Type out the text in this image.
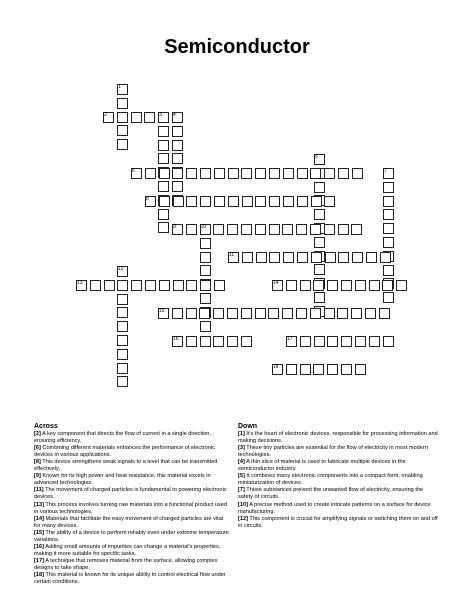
Semiconductor
1
2	3 4
5
6	7
8
9	10
11
12
13	14
15
16	17
18
Across
[2] A key component that directs the flow of current in a single direction, ensuring efficiency.
[6] Combining different materials enhances the performance of electronic devices in various applications.
[8] This device strengthens weak signals to a level that can be transmitted effectively.
[9] Known for its high power and heat resistance, this material excels in advanced technologies.
[11] The movement of charged particles is fundamental to powering electronic devices.
[13] This process involves turning raw materials into a functional product used in various technologies.
[14] Materials that facilitate the easy movement of charged particles are vital for many devices.
[15] The ability of a device to perform reliably even under extreme temperature variations.
[16] Adding small amounts of impurities can change a material's properties, making it more suitable for specific tasks.
[17] A technique that removes material from the surface, allowing complex designs to take shape.
[18] This material is known for its unique ability to control electrical flow under certain conditions.
Down
[1] It's the heart of electronic devices, responsible for processing information and making decisions.
[3] These tiny particles are essential for the flow of electricity in most modern technologies.
[4] A thin slice of material is used to fabricate multiple devices in the semiconductor industry.
[5] It combines many electronic components into a compact form, enabling miniaturization of devices.
[7] These substances prevent the unwanted flow of electricity, ensuring the safety of circuits.
[10] A precise method used to create intricate patterns on a surface for device manufacturing.
[12] This component is crucial for amplifying signals or switching them on and off in circuits.
